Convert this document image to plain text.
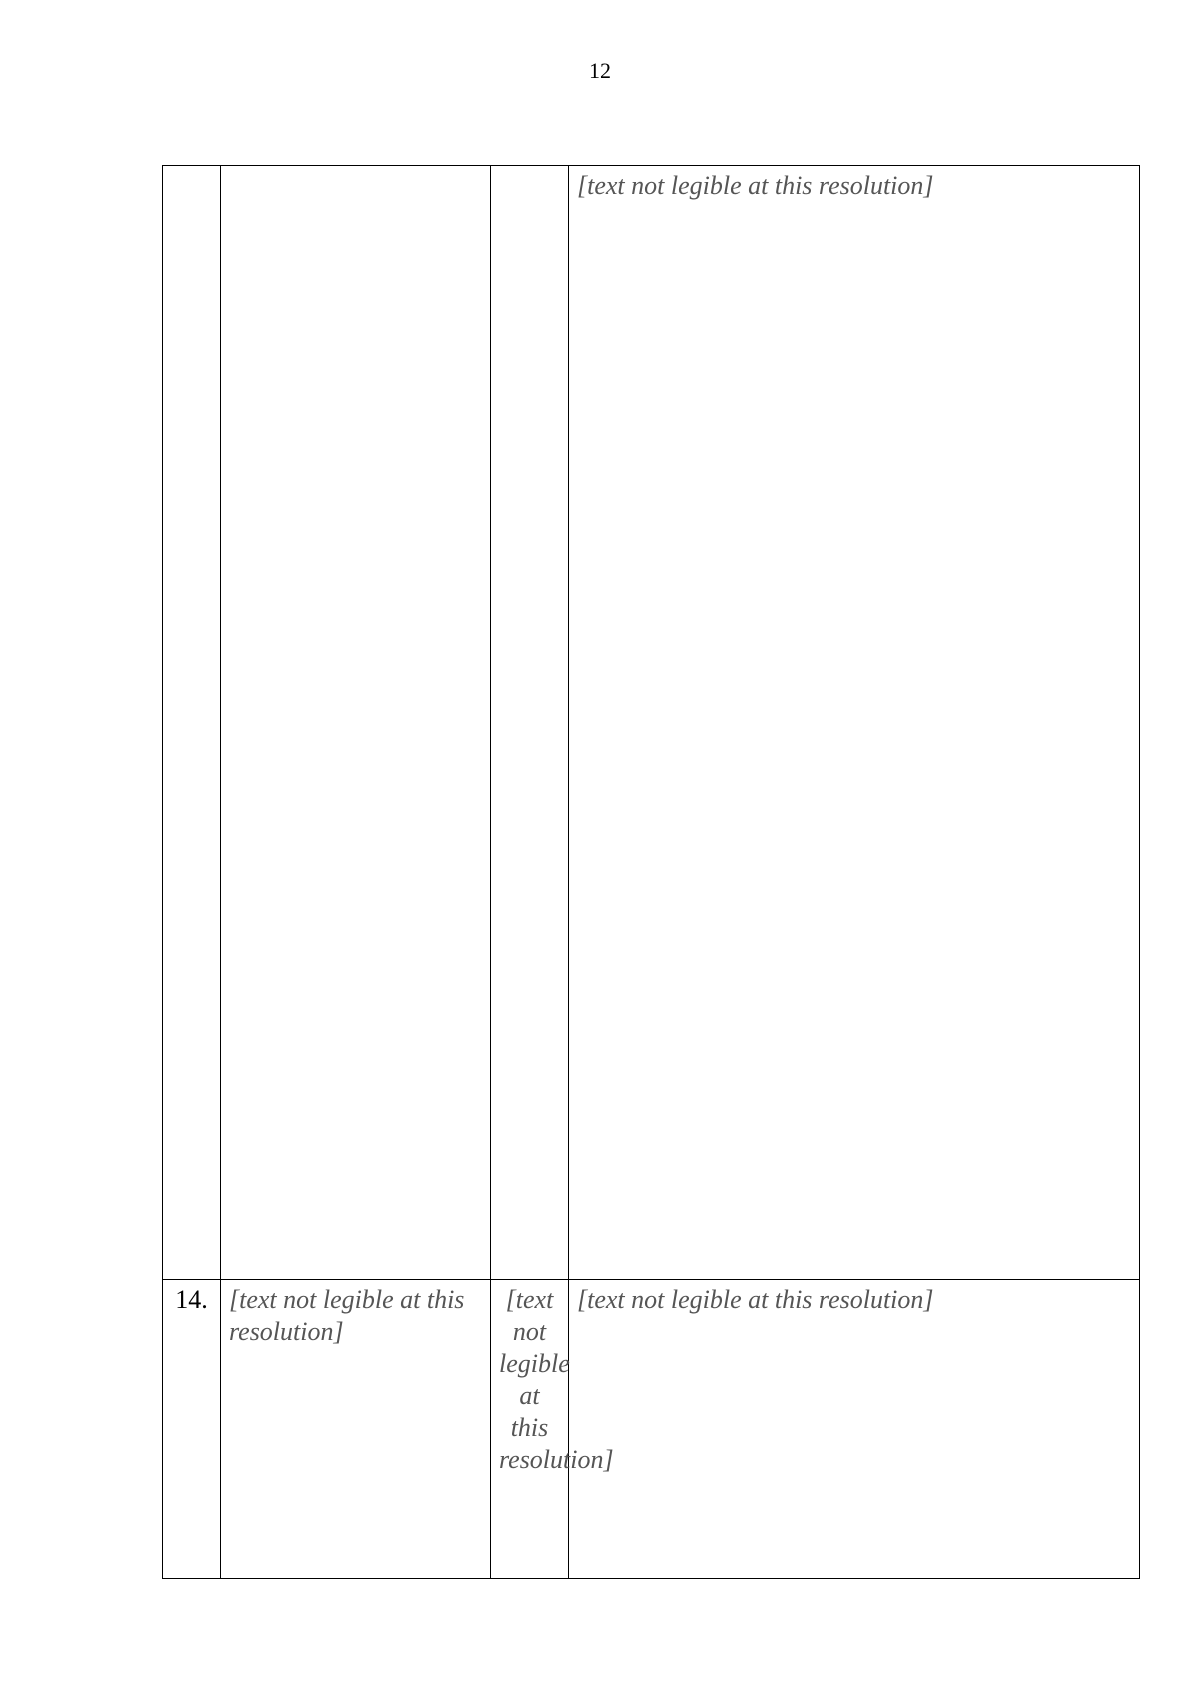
12

			[text not legible at this resolution]

14.	[text not legible at this resolution]	[text not legible at this resolution]	[text not legible at this resolution]
